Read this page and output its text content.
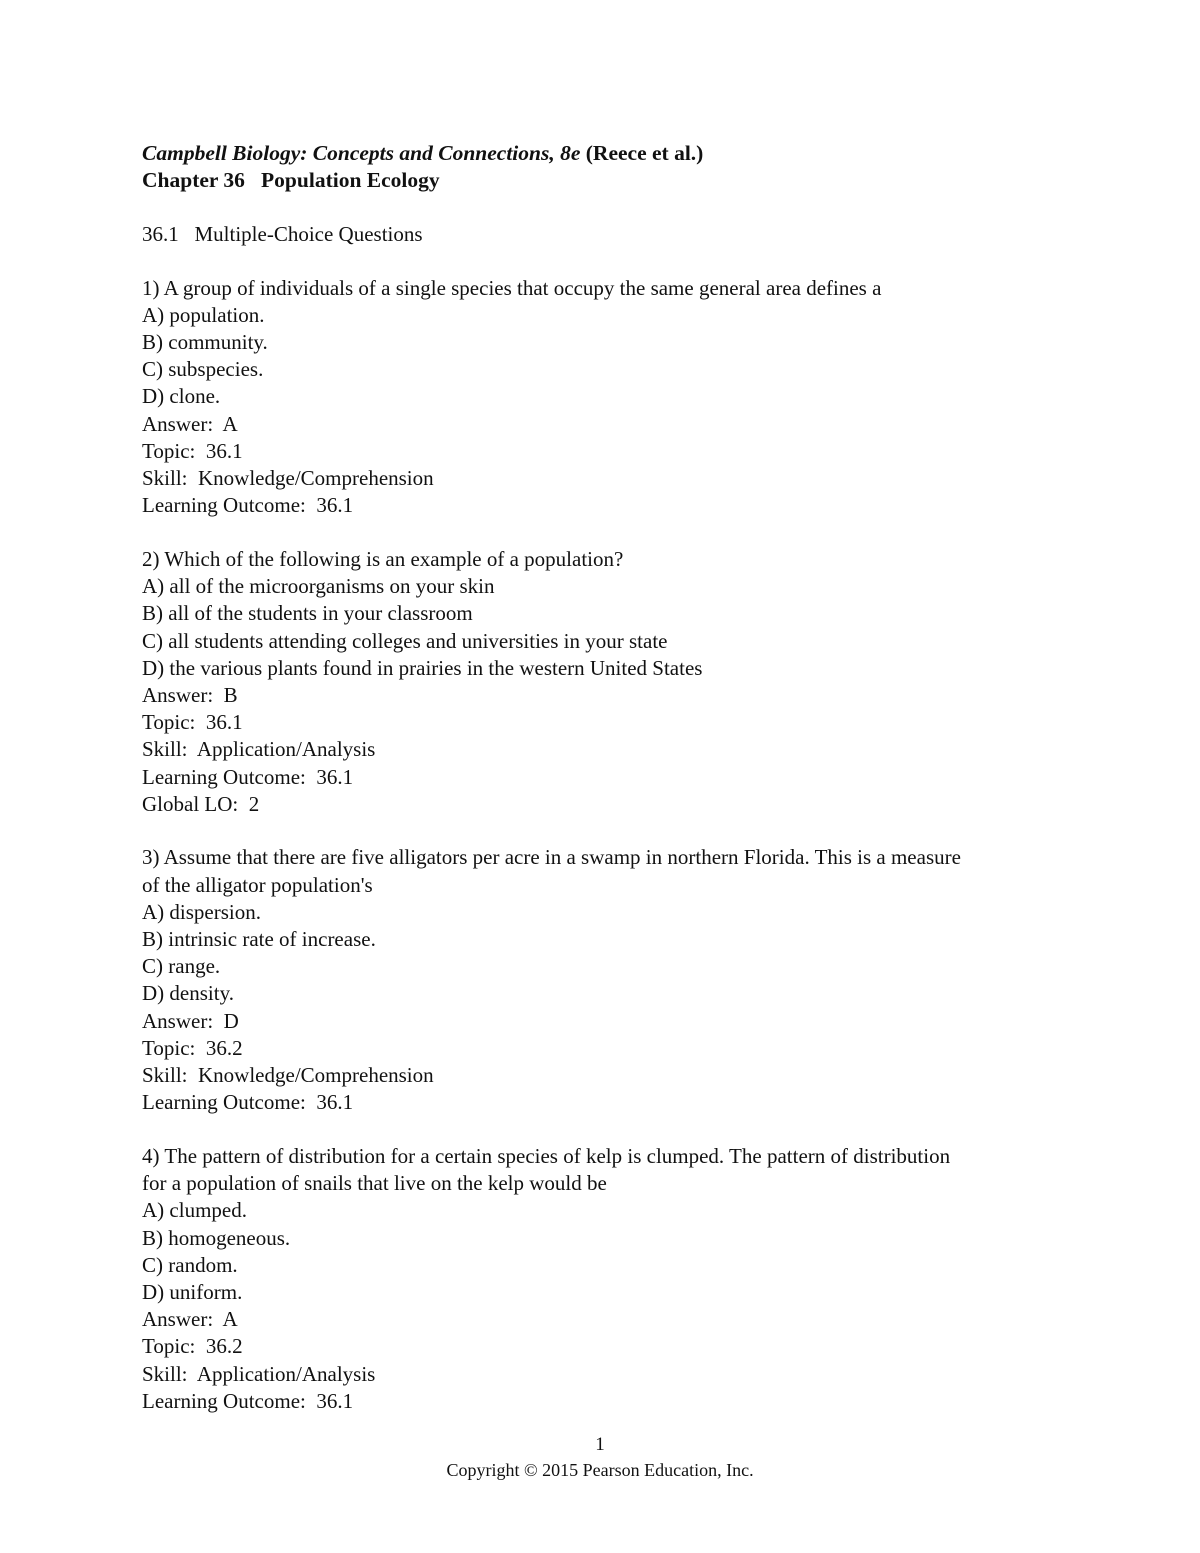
Campbell Biology: Concepts and Connections, 8e (Reece et al.)
Chapter 36   Population Ecology
36.1   Multiple-Choice Questions
1) A group of individuals of a single species that occupy the same general area defines a
A) population.
B) community.
C) subspecies.
D) clone.
Answer:  A
Topic:  36.1
Skill:  Knowledge/Comprehension
Learning Outcome:  36.1
2) Which of the following is an example of a population?
A) all of the microorganisms on your skin
B) all of the students in your classroom
C) all students attending colleges and universities in your state
D) the various plants found in prairies in the western United States
Answer:  B
Topic:  36.1
Skill:  Application/Analysis
Learning Outcome:  36.1
Global LO:  2
3) Assume that there are five alligators per acre in a swamp in northern Florida. This is a measure
of the alligator population's
A) dispersion.
B) intrinsic rate of increase.
C) range.
D) density.
Answer:  D
Topic:  36.2
Skill:  Knowledge/Comprehension
Learning Outcome:  36.1
4) The pattern of distribution for a certain species of kelp is clumped. The pattern of distribution
for a population of snails that live on the kelp would be
A) clumped.
B) homogeneous.
C) random.
D) uniform.
Answer:  A
Topic:  36.2
Skill:  Application/Analysis
Learning Outcome:  36.1
1
Copyright © 2015 Pearson Education, Inc.
